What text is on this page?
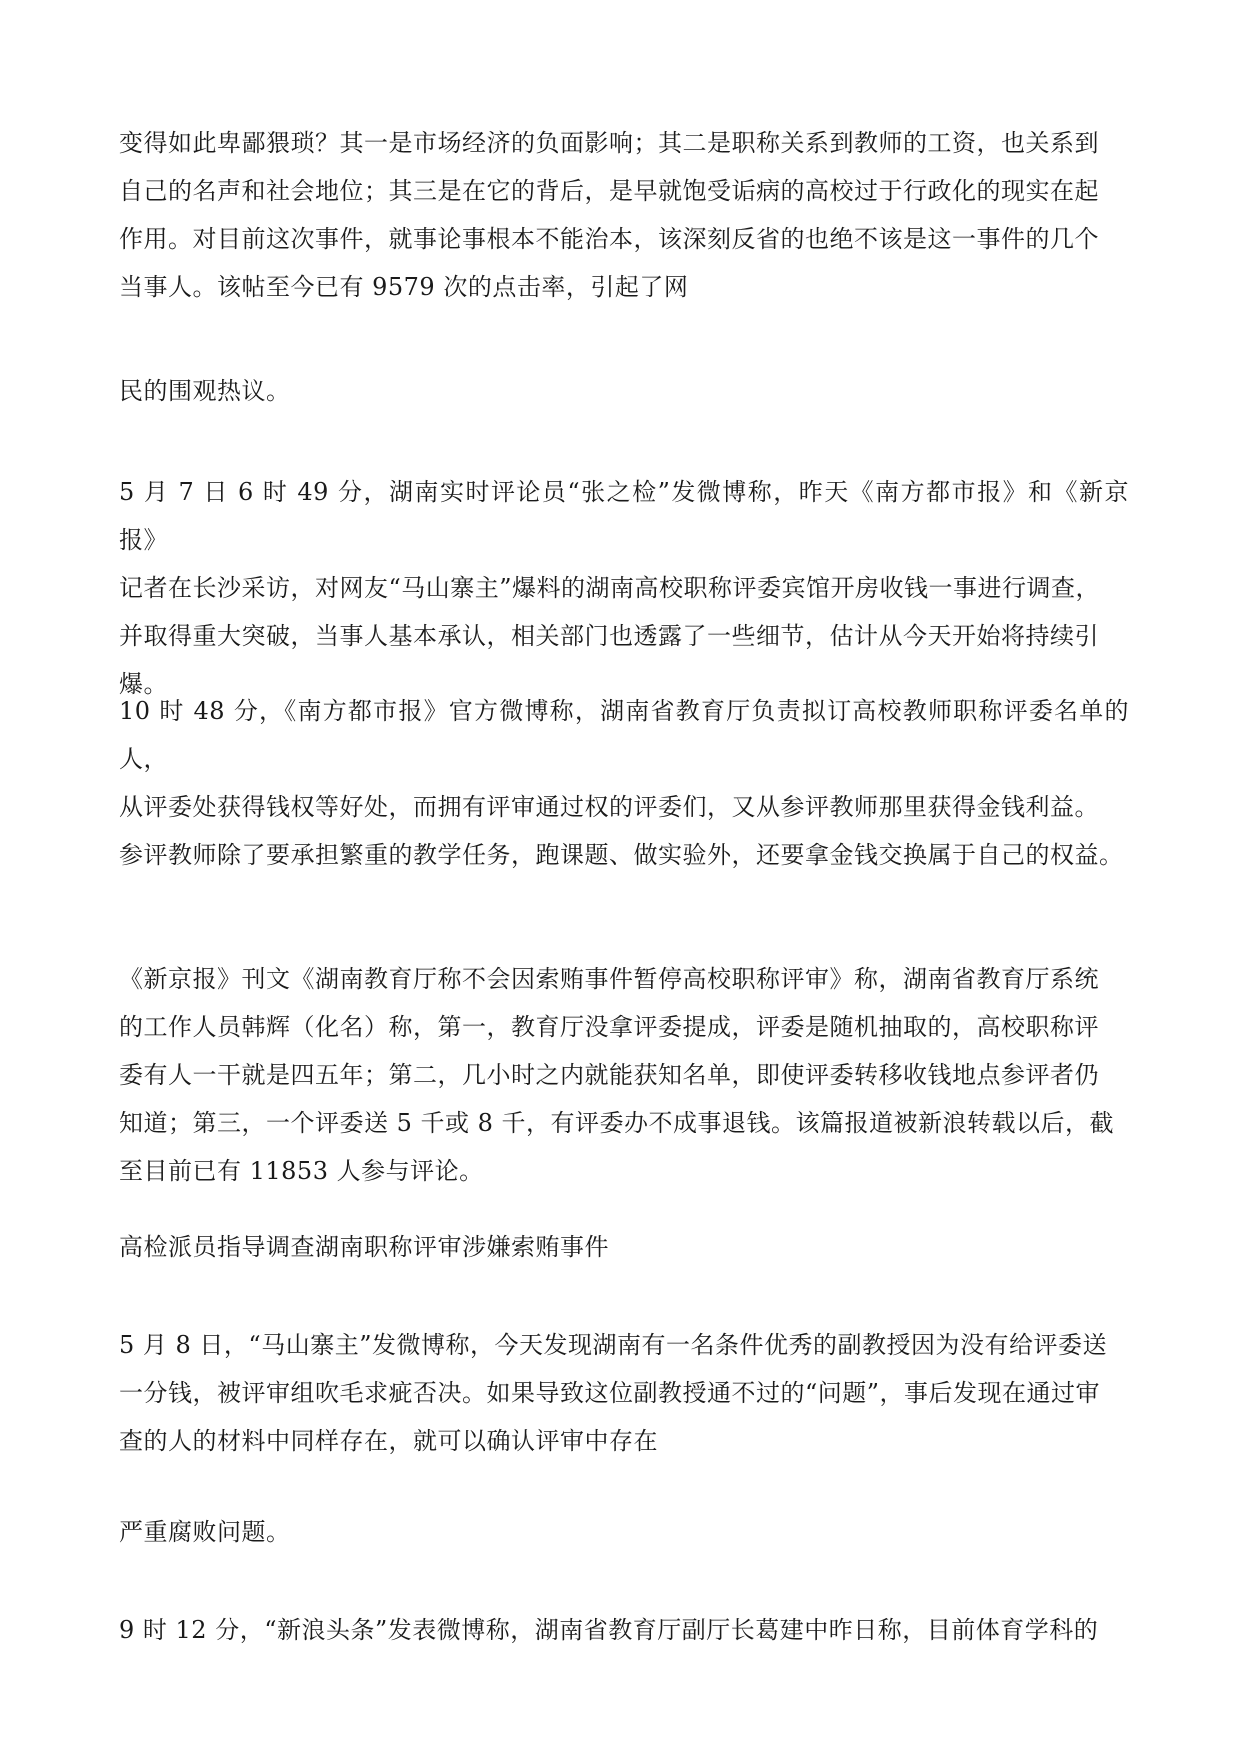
变得如此卑鄙猥琐？其一是市场经济的负面影响；其二是职称关系到教师的工资，也关系到
自己的名声和社会地位；其三是在它的背后，是早就饱受诟病的高校过于行政化的现实在起
作用。对目前这次事件，就事论事根本不能治本，该深刻反省的也绝不该是这一事件的几个
当事人。该帖至今已有 9579 次的点击率，引起了网

民的围观热议。

5 月 7 日 6 时 49 分，湖南实时评论员“张之检”发微博称，昨天《南方都市报》和《新京报》
记者在长沙采访，对网友“马山寨主”爆料的湖南高校职称评委宾馆开房收钱一事进行调查，
并取得重大突破，当事人基本承认，相关部门也透露了一些细节，估计从今天开始将持续引
爆。

10 时 48 分，《南方都市报》官方微博称，湖南省教育厅负责拟订高校教师职称评委名单的人，
从评委处获得钱权等好处，而拥有评审通过权的评委们，又从参评教师那里获得金钱利益。
参评教师除了要承担繁重的教学任务，跑课题、做实验外，还要拿金钱交换属于自己的权益。

《新京报》刊文《湖南教育厅称不会因索贿事件暂停高校职称评审》称，湖南省教育厅系统
的工作人员韩辉（化名）称，第一，教育厅没拿评委提成，评委是随机抽取的，高校职称评
委有人一干就是四五年；第二，几小时之内就能获知名单，即使评委转移收钱地点参评者仍
知道；第三，一个评委送 5 千或 8 千，有评委办不成事退钱。该篇报道被新浪转载以后，截
至目前已有 11853 人参与评论。

高检派员指导调查湖南职称评审涉嫌索贿事件

5 月 8 日，“马山寨主”发微博称，今天发现湖南有一名条件优秀的副教授因为没有给评委送
一分钱，被评审组吹毛求疵否决。如果导致这位副教授通不过的“问题”，事后发现在通过审
查的人的材料中同样存在，就可以确认评审中存在

严重腐败问题。

9 时 12 分，“新浪头条”发表微博称，湖南省教育厅副厅长葛建中昨日称，目前体育学科的
